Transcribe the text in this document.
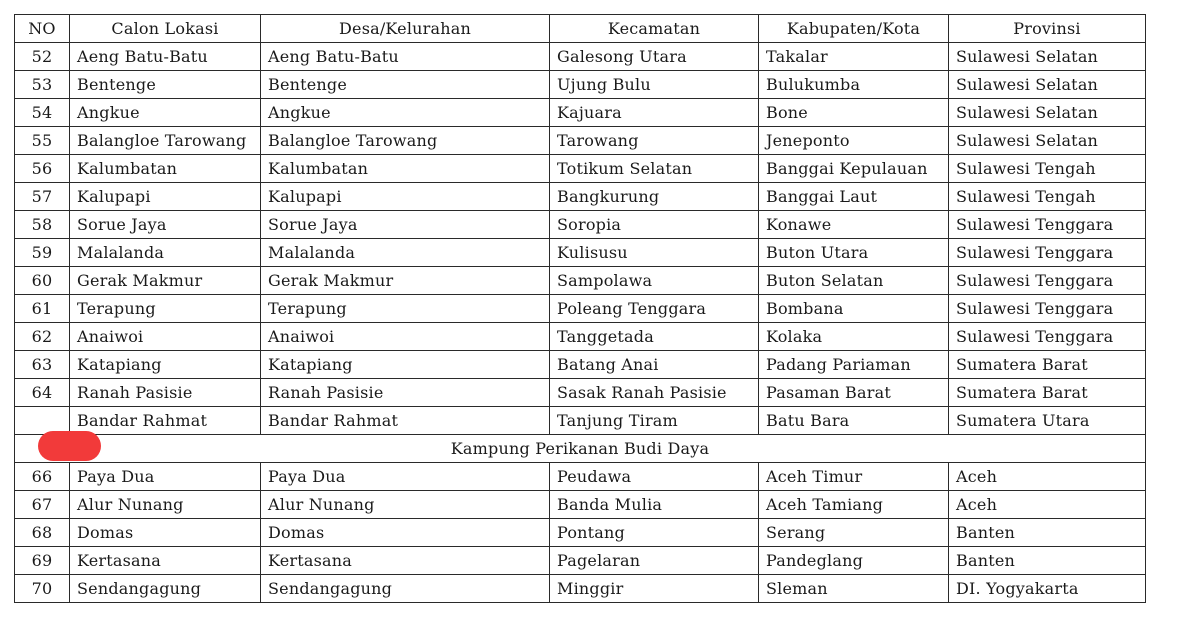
NO	Calon Lokasi	Desa/Kelurahan	Kecamatan	Kabupaten/Kota	Provinsi
52	Aeng Batu-Batu	Aeng Batu-Batu	Galesong Utara	Takalar	Sulawesi Selatan
53	Bentenge	Bentenge	Ujung Bulu	Bulukumba	Sulawesi Selatan
54	Angkue	Angkue	Kajuara	Bone	Sulawesi Selatan
55	Balangloe Tarowang	Balangloe Tarowang	Tarowang	Jeneponto	Sulawesi Selatan
56	Kalumbatan	Kalumbatan	Totikum Selatan	Banggai Kepulauan	Sulawesi Tengah
57	Kalupapi	Kalupapi	Bangkurung	Banggai Laut	Sulawesi Tengah
58	Sorue Jaya	Sorue Jaya	Soropia	Konawe	Sulawesi Tenggara
59	Malalanda	Malalanda	Kulisusu	Buton Utara	Sulawesi Tenggara
60	Gerak Makmur	Gerak Makmur	Sampolawa	Buton Selatan	Sulawesi Tenggara
61	Terapung	Terapung	Poleang Tenggara	Bombana	Sulawesi Tenggara
62	Anaiwoi	Anaiwoi	Tanggetada	Kolaka	Sulawesi Tenggara
63	Katapiang	Katapiang	Batang Anai	Padang Pariaman	Sumatera Barat
64	Ranah Pasisie	Ranah Pasisie	Sasak Ranah Pasisie	Pasaman Barat	Sumatera Barat
	Bandar Rahmat	Bandar Rahmat	Tanjung Tiram	Batu Bara	Sumatera Utara
Kampung Perikanan Budi Daya					
66	Paya Dua	Paya Dua	Peudawa	Aceh Timur	Aceh
67	Alur Nunang	Alur Nunang	Banda Mulia	Aceh Tamiang	Aceh
68	Domas	Domas	Pontang	Serang	Banten
69	Kertasana	Kertasana	Pagelaran	Pandeglang	Banten
70	Sendangagung	Sendangagung	Minggir	Sleman	DI. Yogyakarta
